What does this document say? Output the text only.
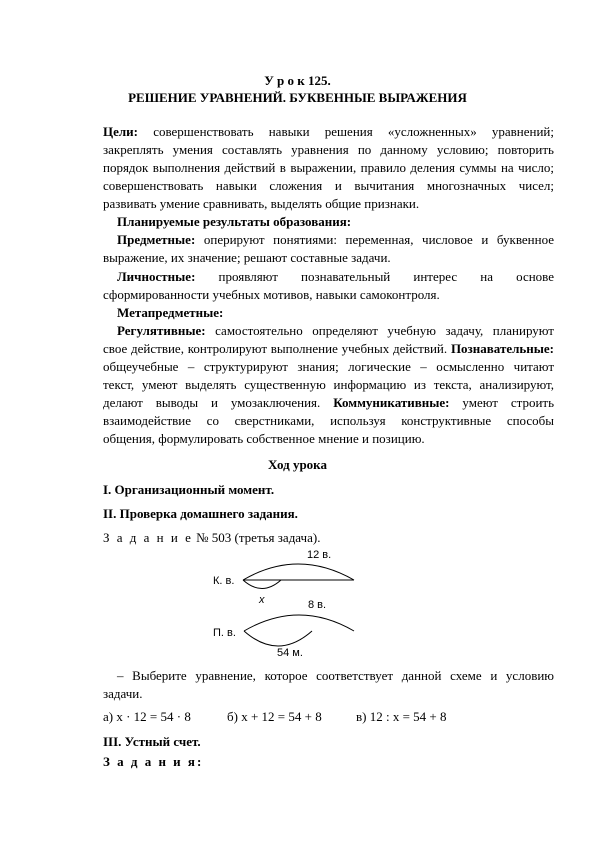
У р о к 125.
РЕШЕНИЕ УРАВНЕНИЙ. БУКВЕННЫЕ ВЫРАЖЕНИЯ
Цели: совершенствовать навыки решения «усложненных» уравнений;
закреплять умения составлять уравнения по данному условию; повторить
порядок выполнения действий в выражении, правило деления суммы на число;
совершенствовать навыки сложения и вычитания многозначных чисел;
развивать умение сравнивать, выделять общие признаки.
Планируемые результаты образования:
Предметные: оперируют понятиями: переменная, числовое и буквенное
выражение, их значение; решают составные задачи.
Личностные: проявляют познавательный интерес на основе
сформированности учебных мотивов, навыки самоконтроля.
Метапредметные:
Регулятивные: самостоятельно определяют учебную задачу, планируют
свое действие, контролируют выполнение учебных действий. Познавательные:
общеучебные – структурируют знания; логические – осмысленно читают
текст, умеют выделять существенную информацию из текста, анализируют,
делают выводы и умозаключения. Коммуникативные: умеют строить
взаимодействие со сверстниками, используя конструктивные способы
общения, формулировать собственное мнение и позицию.
Ход урока
I. Организационный момент.
II. Проверка домашнего задания.
З а д а н и е № 503 (третья задача).
К. в.
12 в.
x
П. в.
8 в.
54 м.
– Выберите уравнение, которое соответствует данной схеме и условию
задачи.
а) x · 12 = 54 · 8	б) x + 12 = 54 + 8	в) 12 : x = 54 + 8
III. Устный счет.
З а д а н и я:
